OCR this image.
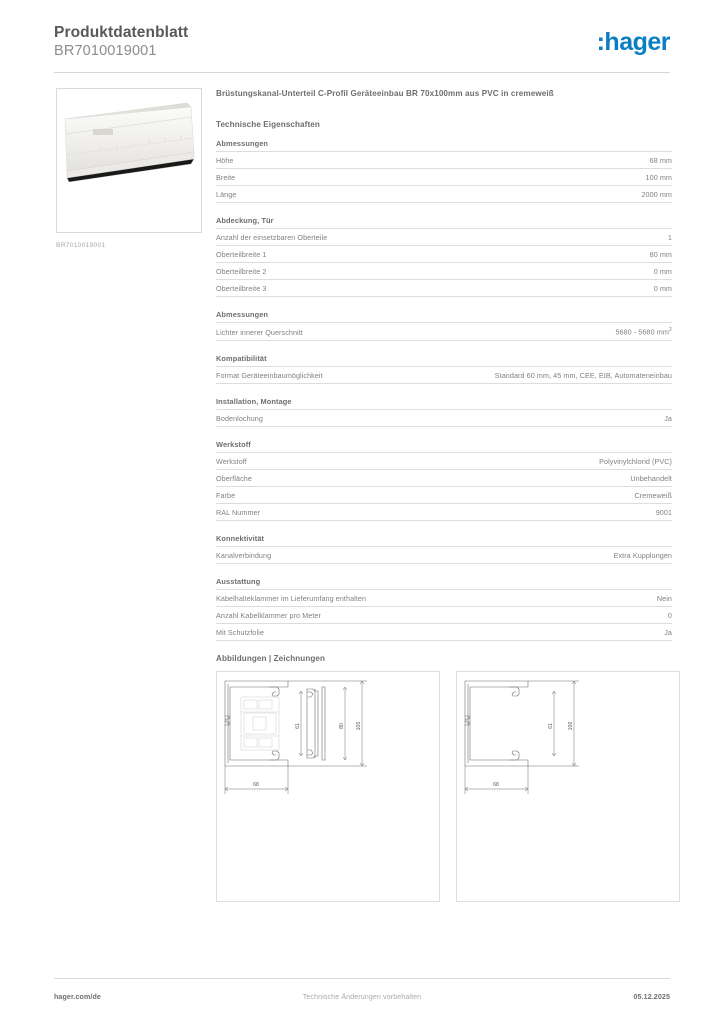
Produktdatenblatt
BR7010019001	:hager
BR7010019001
Brüstungskanal-Unterteil C-Profil Geräteeinbau BR 70x100mm aus PVC in cremeweiß
Technische Eigenschaften
Abmessungen
Höhe	68 mm
Breite	100 mm
Länge	2000 mm
Abdeckung, Tür
Anzahl der einsetzbaren Oberteile	1
Oberteilbreite 1	80 mm
Oberteilbreite 2	0 mm
Oberteilbreite 3	0 mm
Abmessungen
Lichter innerer Querschnitt	5680 - 5680 $mm^2$
Kompatibilität
Format Geräteeinbaumöglichkeit	Standard 60 mm, 45 mm, CEE, EIB, Automateneinbau
Installation, Montage
Bodenlochung	Ja
Werkstoff
Werkstoff	Polyvinylchlorid (PVC)
Oberfläche	Unbehandelt
Farbe	Cremeweiß
RAL Nummer	9001
Konnektivität
Kanalverbindung	Extra Kupplungen
Ausstattung
Kabelhalteklammer im Lieferumfang enthalten	Nein
Anzahl Kabelklammer pro Meter	0
Mit Schutzfolie	Ja
Abbildungen | Zeichnungen
68
61	80 100
68
61	100
hager.com/de	Technische Änderungen vorbehalten	05.12.2025
